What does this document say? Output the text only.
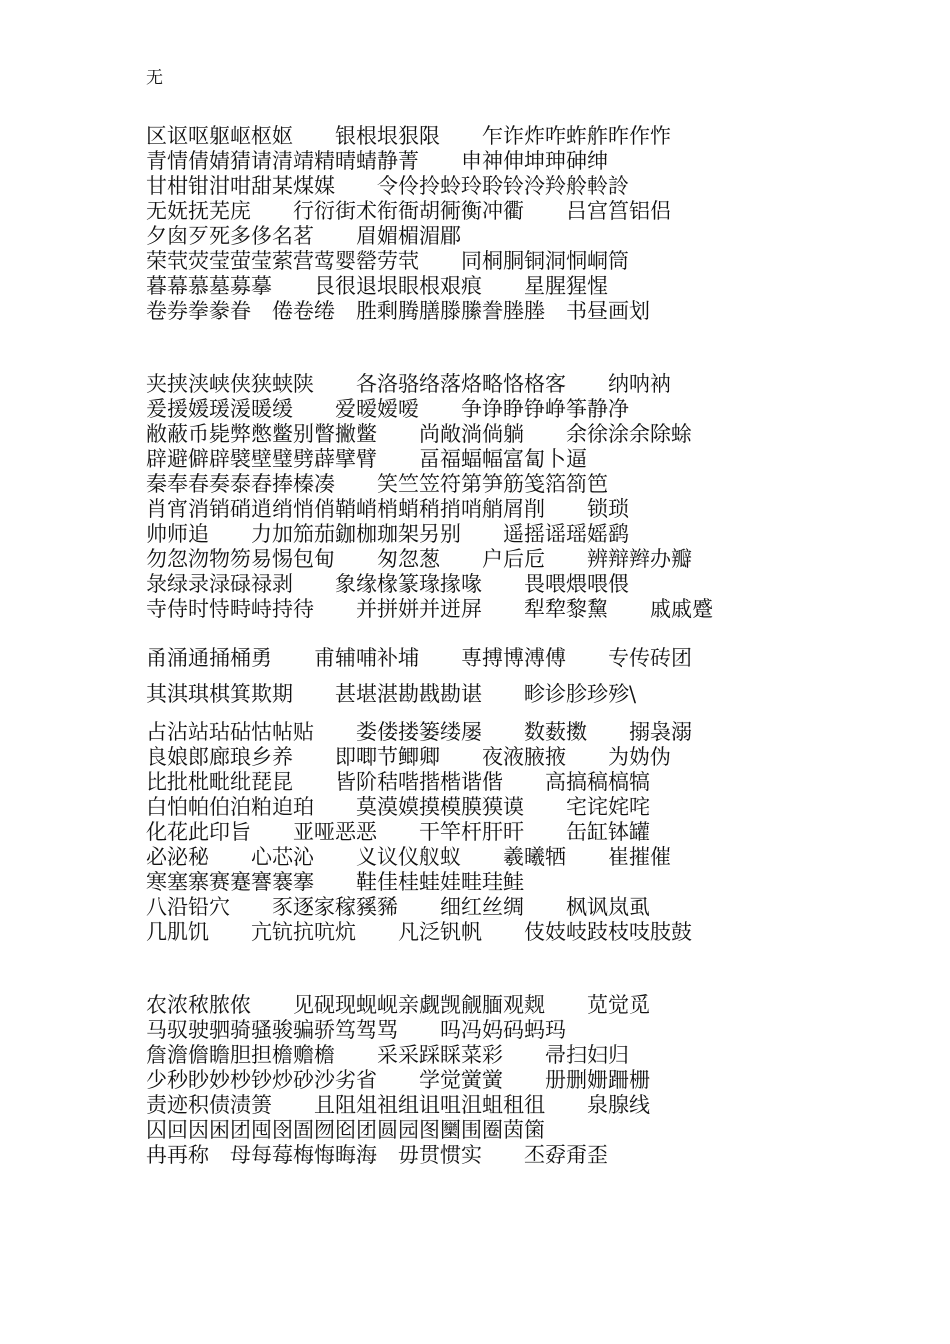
无
区讴呕躯岖枢妪　　银根垠狠限　　乍诈炸咋蚱舴昨作怍
青情倩婧猜请清靖精晴蜻静菁　　申神伸坤珅砷绅
甘柑钳泔咁甜某煤媒　　令伶拎蛉玲聆铃泠羚舲軨詅
无妩抚芜庑　　行衍街术衔衙胡衕衡冲衢　　吕宫筥铝侣
夕囱歹死多侈名茗　　眉媚楣湄郿
荣茕荧莹萤莹萦营莺婴罃劳茕　　同桐胴铜洞恫峒筒
暮幕慕墓募摹　　艮很退垠眼根艰痕　　星腥猩惺
卷券拳豢眷　倦卷绻　胜剩腾膳滕縢誊塍塍　书昼画划
夹挟浃峡侠狭蛱陕　　各洛骆络落烙略恪格客　　纳呐衲
爰援媛瑗湲暖缓　　爱暧嫒嗳　　争诤睁铮峥筝静净
敝蔽币毙弊憋鳖别瞥撇鳖　　尚敞淌倘躺　　余徐涂余除蜍
辟避僻辟襞壁璧劈薜擘臂　　畐福蝠幅富匐卜逼
秦奉春奏泰舂捧榛凑　　笑竺笠符第笋筋笺箔箚笆
肖宵消销硝逍绡悄俏鞘峭梢蛸稍捎哨艄屑削　　锁琐
帅师追　　力加笳茄鉫枷珈架另别　　遥摇谣瑶媱鹞
勿忽沕物笏易惕包甸　　匆忽葱　　户后卮　　辨辩辫办瓣
彔绿录渌碌禄剥　　象缘椽篆瑑掾喙　　畏喂煨喂偎
寺侍时恃畤峙持待　　并拼姘并迸屏　　犁犂黎黧　　戚戚蹙
甬涌通捅桶勇　　甫辅哺补埔　　専搏博溥傅　　专传砖团
其淇琪棋箕欺期　　甚堪湛勘戡勘谌　　畛诊胗珍殄\
占沾站玷砧怙帖贴　　娄偻搂篓缕屡　　数薮擞　　搦袅溺
良娘郎廊琅乡养　　即唧节鲫卿　　夜液腋掖　　为妫伪
比批枇毗纰琵昆　　皆阶秸喈揩楷谐偕　　高搞稿槁犒
白怕帕伯泊粕迫珀　　莫漠嫫摸模膜獏谟　　宅诧姹咤
化花此印旨　　亚哑恶恶　　干竿杆肝旰　　缶缸钵罐
必泌秘　　心芯沁　　义议仪舣蚁　　羲曦牺　　崔摧催
寒塞寨赛蹇謇褰搴　　鞋佳桂蛙娃畦珪鲑
八沿铅穴　　豕逐家稼豯豨　　细红丝绸　　枫讽岚虱
几肌饥　　亢钪抗吭炕　　凡泛钒帆　　伎妓岐跂枝吱肢鼓
农浓秾脓侬　　见砚现蚬岘亲觑觊觎腼观觌　　苋觉觅
马驭驶驷骑骚骏骗骄笃驾骂　　吗冯妈码蚂玛
詹澹儋瞻胆担檐赡檐　　采采踩睬菜彩　　帚扫妇归
少秒眇妙杪钞炒砂沙劣省　　学觉黉黉　　册删姗跚栅
责迹积债渍箦　　且阻俎祖组诅咀沮蛆租徂　　泉腺线
囚回因困团囤囹圄囫囵团圆园图圞围圈茵箘
冉再称　母每莓梅悔晦海　毋贯惯实　　丕孬甭歪
